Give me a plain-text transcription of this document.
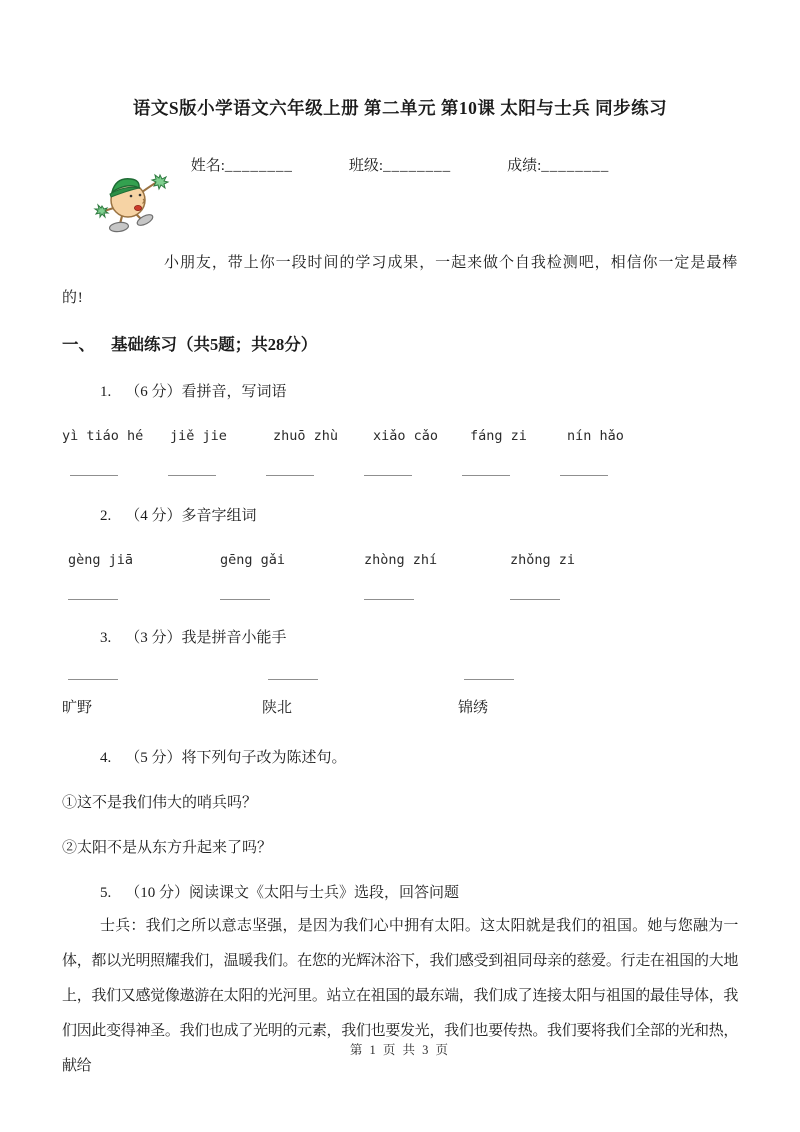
语文S版小学语文六年级上册 第二单元 第10课 太阳与士兵 同步练习
姓名:________	班级:________	成绩:________
小朋友，带上你一段时间的学习成果，一起来做个自我检测吧，相信你一定是最棒的!
一、 基础练习（共5题；共28分）
1. （6 分）看拼音，写词语
yì tiáo hé	jiě jie	zhuō zhù	xiǎo cǎo	fáng zi	nín hǎo
2. （4 分）多音字组词
gèng jiā	gēng gǎi	zhòng zhí	zhǒng zi
3. （3 分）我是拼音小能手
旷野	陕北	锦绣
4. （5 分）将下列句子改为陈述句。
①这不是我们伟大的哨兵吗？
②太阳不是从东方升起来了吗？
5. （10 分）阅读课文《太阳与士兵》选段，回答问题
士兵：我们之所以意志坚强，是因为我们心中拥有太阳。这太阳就是我们的祖国。她与您融为一体，都以光明照耀我们，温暖我们。在您的光辉沐浴下，我们感受到祖同母亲的慈爱。行走在祖国的大地上，我们又感觉像遨游在太阳的光河里。站立在祖国的最东端，我们成了连接太阳与祖国的最佳导体，我们因此变得神圣。我们也成了光明的元素，我们也要发光，我们也要传热。我们要将我们全部的光和热，献给
第 1 页 共 3 页
